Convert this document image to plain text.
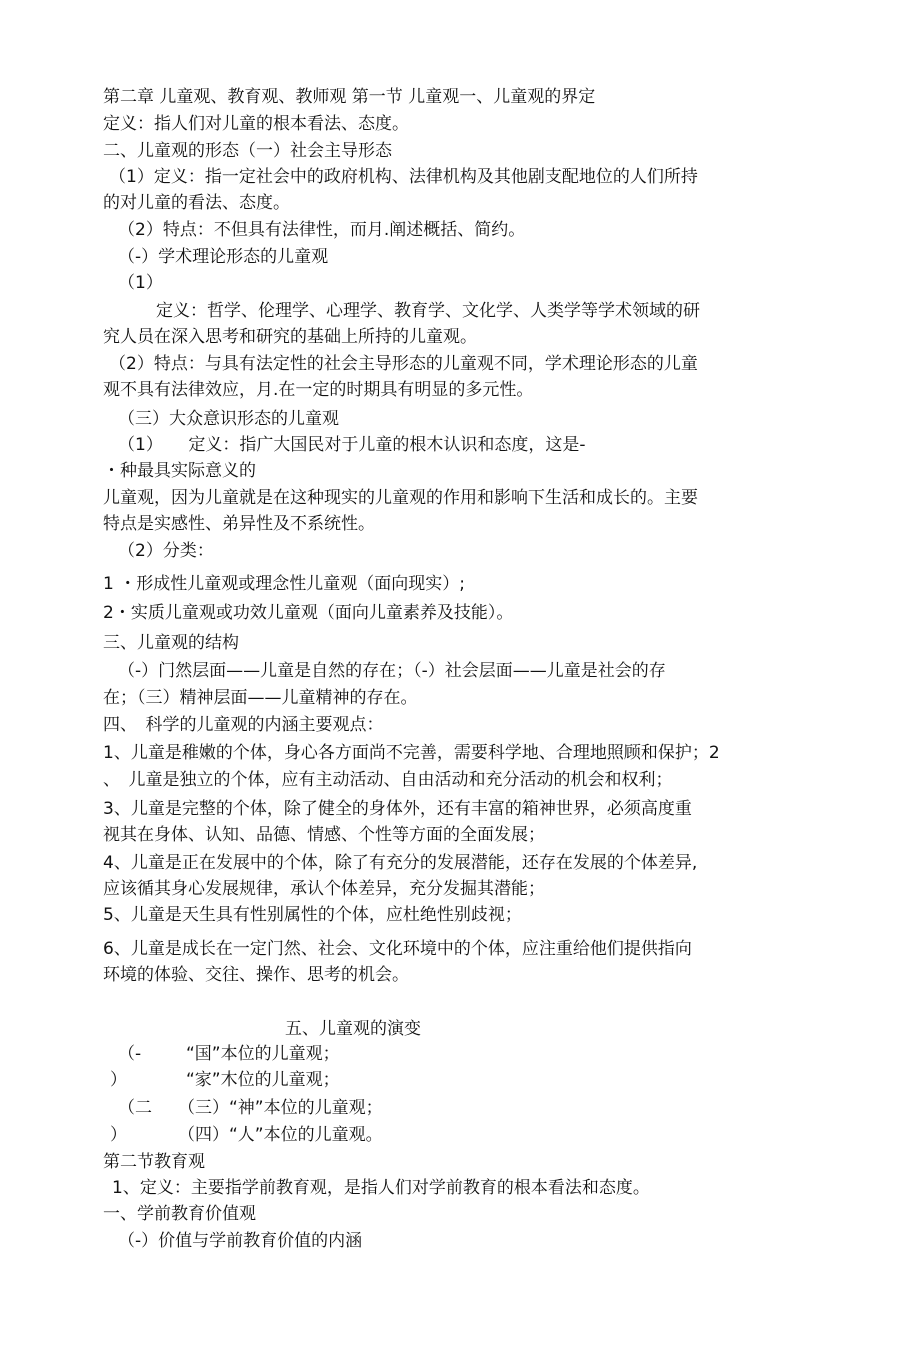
第二章 儿童观、教育观、教师观 第一节 儿童观一、儿童观的界定
定义：指人们对儿童的根本看法、态度。
二、儿童观的形态（一）社会主导形态
（1）定义：指一定社会中的政府机构、法律机构及其他剧支配地位的人们所持
的对儿童的看法、态度。
（2）特点：不但具有法律性，而月.阐述概括、简约。
（-）学术理论形态的儿童观
（1）
定义：哲学、伦理学、心理学、教育学、文化学、人类学等学术领域的研
究人员在深入思考和研究的基础上所持的儿童观。
（2）特点：与具有法定性的社会主导形态的儿童观不同，学术理论形态的儿童
观不具有法律效应，月.在一定的时期具有明显的多元性。
（三）大众意识形态的儿童观
（1）　　定义：指广大国民对于儿童的根木认识和态度，这是-
・种最具实际意义的
儿童观，因为儿童就是在这种现实的儿童观的作用和影响下生活和成长的。主要
特点是实感性、弟异性及不系统性。
（2）分类：
1 ・形成性儿童观或理念性儿童观（面向现实）;
2・实质儿童观或功效儿童观（面向儿童素养及技能）。
三、儿童观的结构
（-）门然层面——儿童是自然的存在；（-）社会层面——儿童是社会的存
在；（三）精神层面——儿童精神的存在。
四、　科学的儿童观的内涵主要观点：
1、儿童是稚嫩的个体，身心各方面尚不完善，需要科学地、合理地照顾和保护；2
、　儿童是独立的个体，应有主动活动、自由活动和充分活动的机会和权利；
3、儿童是完整的个体，除了健全的身体外，还有丰富的箱神世界，必须高度重
视其在身体、认知、品德、情感、个性等方面的全面发展；
4、儿童是正在发展中的个体，除了有充分的发展潜能，还存在发展的个体差异,
应该循其身心发展规律，承认个体差异，充分发掘其潜能；
5、儿童是天生具有性别属性的个体，应杜绝性别歧视；
6、儿童是成长在一定门然、社会、文化环境中的个体，应注重给他们提供指向
环境的体验、交往、操作、思考的机会。
五、儿童观的演变
（-	“国”本位的儿童观；
）	“家”木位的儿童观；
（二 （三）“神”本位的儿童观；
）	（四）“人”本位的儿童观。
第二节教育观
1、定义：主要指学前教育观，是指人们对学前教育的根本看法和态度。
一、学前教育价值观
（-）价值与学前教育价值的内涵
